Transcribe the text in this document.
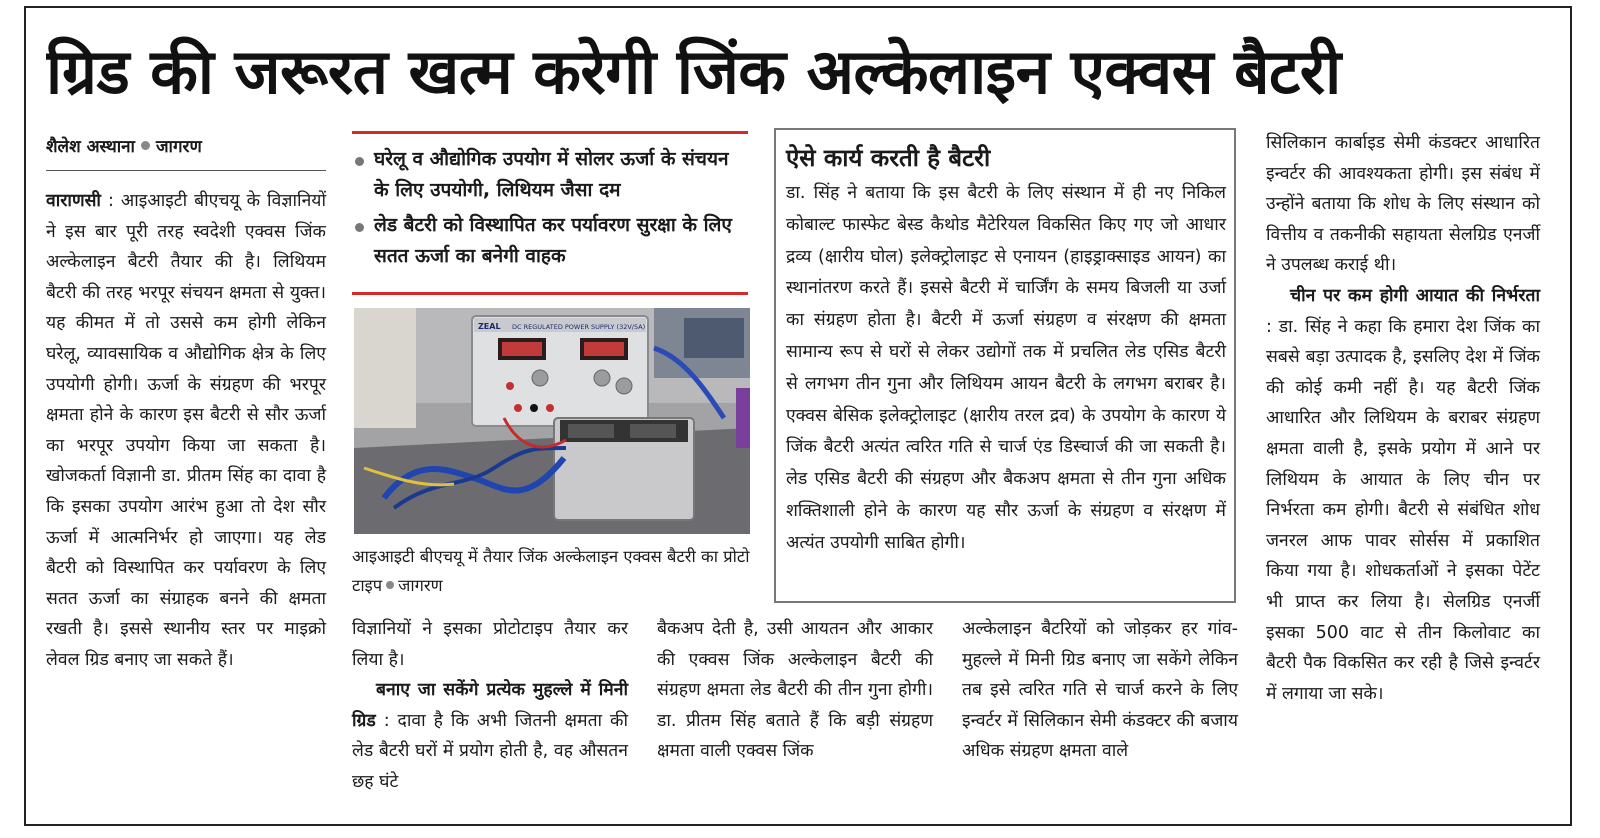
ग्रिड की जरूरत खत्म करेगी जिंक अल्केलाइन एक्वस बैटरी
शैलेश अस्थाना जागरण

वाराणसी : आइआइटी बीएचयू के विज्ञानियों ने इस बार पूरी तरह स्वदेशी एक्वस जिंक अल्केलाइन बैटरी तैयार की है। लिथियम बैटरी की तरह भरपूर संचयन क्षमता से युक्त। यह कीमत में तो उससे कम होगी लेकिन घरेलू, व्यावसायिक व औद्योगिक क्षेत्र के लिए उपयोगी होगी। ऊर्जा के संग्रहण की भरपूर क्षमता होने के कारण इस बैटरी से सौर ऊर्जा का भरपूर उपयोग किया जा सकता है। खोजकर्ता विज्ञानी डा. प्रीतम सिंह का दावा है कि इसका उपयोग आरंभ हुआ तो देश सौर ऊर्जा में आत्मनिर्भर हो जाएगा। यह लेड बैटरी को विस्थापित कर पर्यावरण के लिए सतत ऊर्जा का संग्राहक बनने की क्षमता रखती है। इससे स्थानीय स्तर पर माइक्रो लेवल ग्रिड बनाए जा सकते हैं।

घरेलू व औद्योगिक उपयोग में सोलर ऊर्जा के संचयन के लिए उपयोगी, लिथियम जैसा दम
लेड बैटरी को विस्थापित कर पर्यावरण सुरक्षा के लिए सतत ऊर्जा का बनेगी वाहक
ZEAL DC REGULATED POWER SUPPLY (32V/5A)
आइआइटी बीएचयू में तैयार जिंक अल्केलाइन एक्वस बैटरी का प्रोटो टाइप जागरण

विज्ञानियों ने इसका प्रोटोटाइप तैयार कर लिया है।

बनाए जा सकेंगे प्रत्येक मुहल्ले में मिनी ग्रिड : दावा है कि अभी जितनी क्षमता की लेड बैटरी घरों में प्रयोग होती है, वह औसतन छह घंटे

बैकअप देती है, उसी आयतन और आकार की एक्वस जिंक अल्केलाइन बैटरी की संग्रहण क्षमता लेड बैटरी की तीन गुना होगी। डा. प्रीतम सिंह बताते हैं कि बड़ी संग्रहण क्षमता वाली एक्वस जिंक

अल्केलाइन बैटरियों को जोड़कर हर गांव-मुहल्ले में मिनी ग्रिड बनाए जा सकेंगे लेकिन तब इसे त्वरित गति से चार्ज करने के लिए इन्वर्टर में सिलिकान सेमी कंडक्टर की बजाय अधिक संग्रहण क्षमता वाले

ऐसे कार्य करती है बैटरी
डा. सिंह ने बताया कि इस बैटरी के लिए संस्थान में ही नए निकिल कोबाल्ट फास्फेट बेस्ड कैथोड मैटेरियल विकसित किए गए जो आधार द्रव्य (क्षारीय घोल) इलेक्ट्रोलाइट से एनायन (हाइड्राक्साइड आयन) का स्थानांतरण करते हैं। इससे बैटरी में चार्जिंग के समय बिजली या उर्जा का संग्रहण होता है। बैटरी में ऊर्जा संग्रहण व संरक्षण की क्षमता सामान्य रूप से घरों से लेकर उद्योगों तक में प्रचलित लेड एसिड बैटरी से लगभग तीन गुना और लिथियम आयन बैटरी के लगभग बराबर है। एक्वस बेसिक इलेक्ट्रोलाइट (क्षारीय तरल द्रव) के उपयोग के कारण ये जिंक बैटरी अत्यंत त्वरित गति से चार्ज एंड डिस्चार्ज की जा सकती है। लेड एसिड बैटरी की संग्रहण और बैकअप क्षमता से तीन गुना अधिक शक्तिशाली होने के कारण यह सौर ऊर्जा के संग्रहण व संरक्षण में अत्यंत उपयोगी साबित होगी।

सिलिकान कार्बाइड सेमी कंडक्टर आधारित इन्वर्टर की आवश्यकता होगी। इस संबंध में उन्होंने बताया कि शोध के लिए संस्थान को वित्तीय व तकनीकी सहायता सेलग्रिड एनर्जी ने उपलब्ध कराई थी।

चीन पर कम होगी आयात की निर्भरता : डा. सिंह ने कहा कि हमारा देश जिंक का सबसे बड़ा उत्पादक है, इसलिए देश में जिंक की कोई कमी नहीं है। यह बैटरी जिंक आधारित और लिथियम के बराबर संग्रहण क्षमता वाली है, इसके प्रयोग में आने पर लिथियम के आयात के लिए चीन पर निर्भरता कम होगी। बैटरी से संबंधित शोध जनरल आफ पावर सोर्सस में प्रकाशित किया गया है। शोधकर्ताओं ने इसका पेटेंट भी प्राप्त कर लिया है। सेलग्रिड एनर्जी इसका 500 वाट से तीन किलोवाट का बैटरी पैक विकसित कर रही है जिसे इन्वर्टर में लगाया जा सके।
